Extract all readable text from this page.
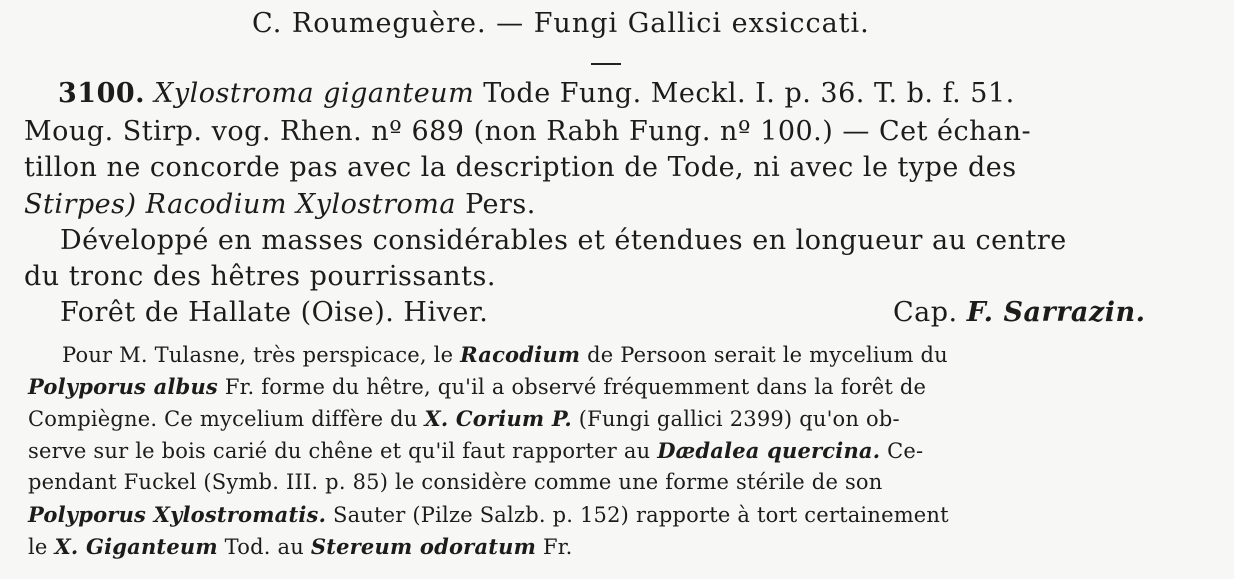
C. Roumeguère. — Fungi Gallici exsiccati.
3100. Xylostroma giganteum Tode Fung. Meckl. I. p. 36. T. b. f. 51.
Moug. Stirp. vog. Rhen. nº 689 (non Rabh Fung. nº 100.) — Cet échan-
tillon ne concorde pas avec la description de Tode, ni avec le type des
Stirpes) Racodium Xylostroma Pers.
Développé en masses considérables et étendues en longueur au centre
du tronc des hêtres pourrissants.
Forêt de Hallate (Oise). Hiver.	Cap. F. Sarrazin.
Pour M. Tulasne, très perspicace, le Racodium de Persoon serait le mycelium du
Polyporus albus Fr. forme du hêtre, qu'il a observé fréquemment dans la forêt de
Compiègne. Ce mycelium diffère du X. Corium P. (Fungi gallici 2399) qu'on ob-
serve sur le bois carié du chêne et qu'il faut rapporter au Dædalea quercina. Ce-
pendant Fuckel (Symb. III. p. 85) le considère comme une forme stérile de son
Polyporus Xylostromatis. Sauter (Pilze Salzb. p. 152) rapporte à tort certainement
le X. Giganteum Tod. au Stereum odoratum Fr.
